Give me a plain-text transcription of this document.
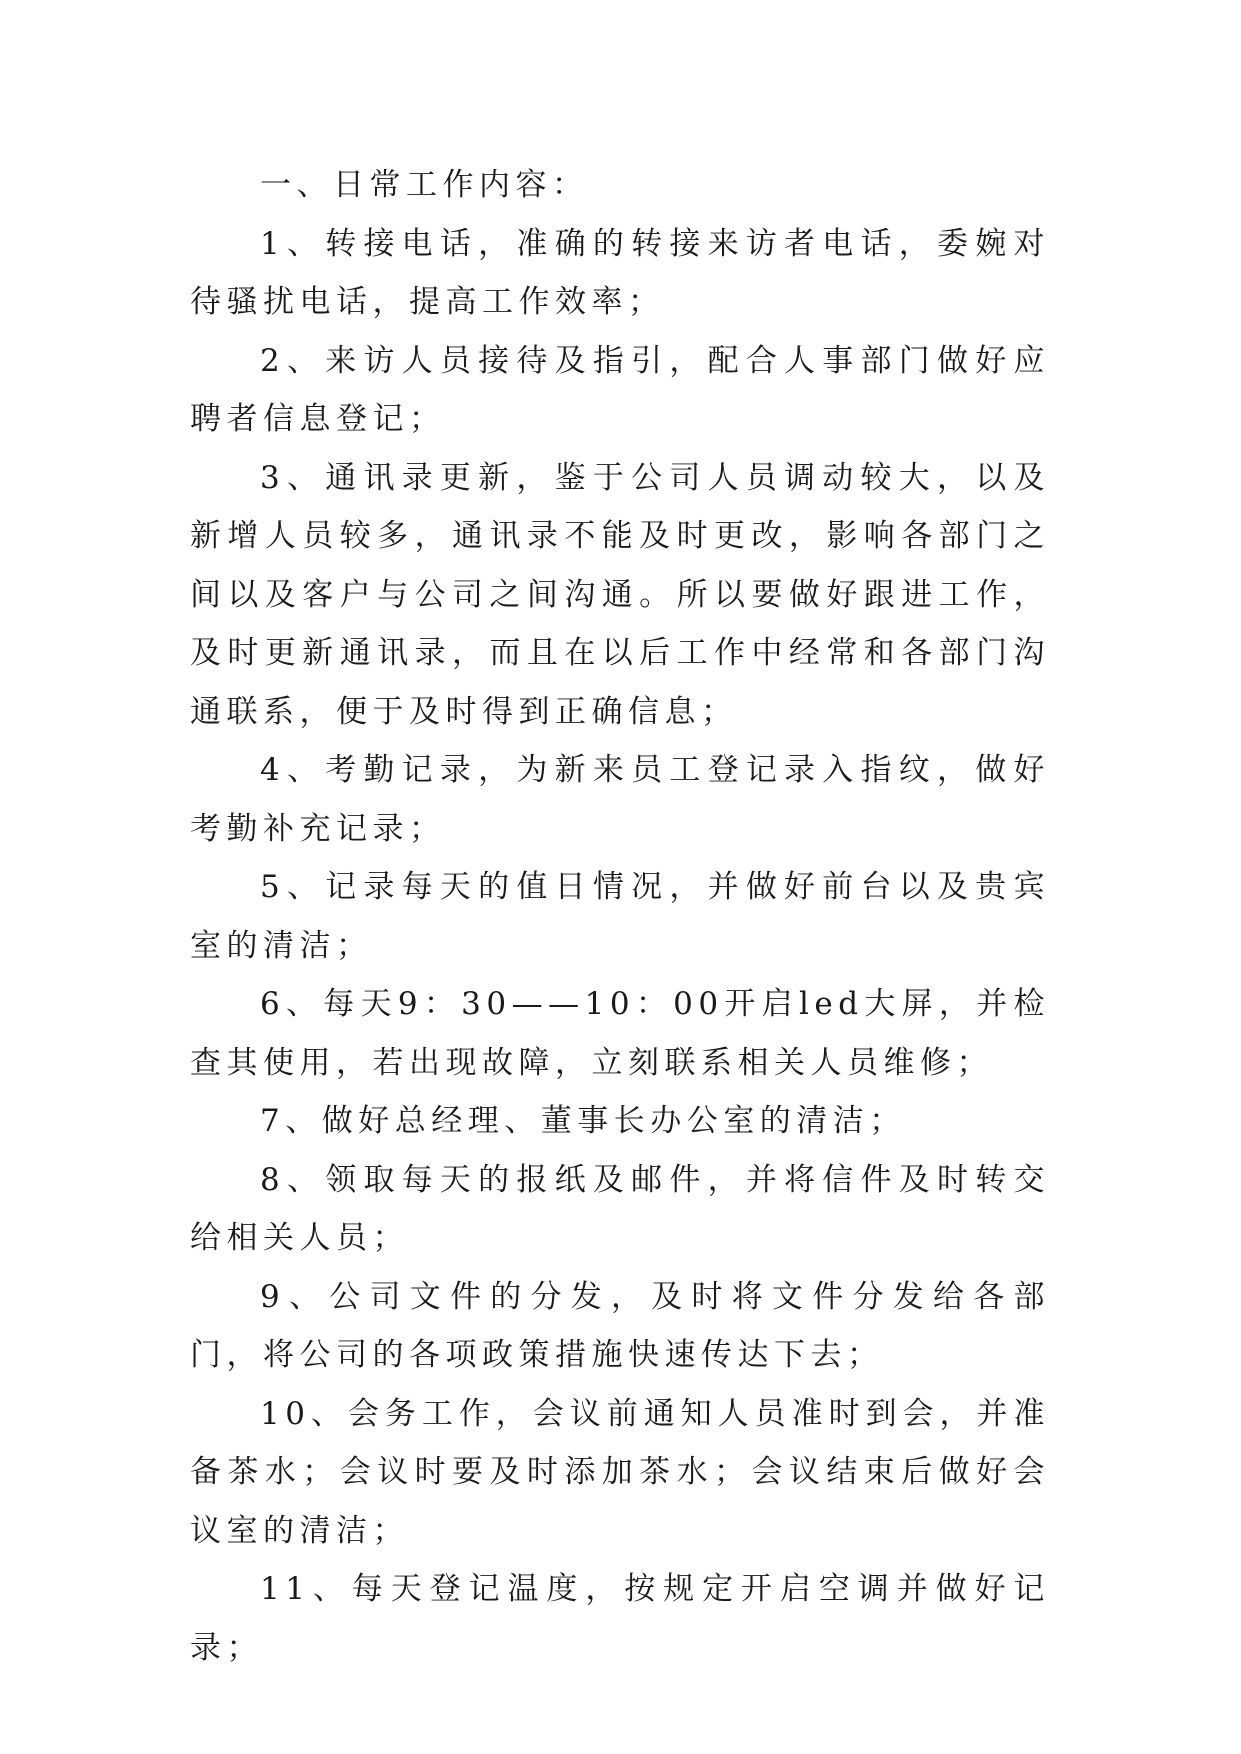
一、日常工作内容：

1、转接电话，准确的转接来访者电话，委婉对待骚扰电话，提高工作效率；

2、来访人员接待及指引，配合人事部门做好应聘者信息登记；

3、通讯录更新，鉴于公司人员调动较大，以及新增人员较多，通讯录不能及时更改，影响各部门之间以及客户与公司之间沟通。所以要做好跟进工作，及时更新通讯录，而且在以后工作中经常和各部门沟通联系，便于及时得到正确信息；

4、考勤记录，为新来员工登记录入指纹，做好考勤补充记录；

5、记录每天的值日情况，并做好前台以及贵宾室的清洁；

6、每天9：30——10：00开启led大屏，并检查其使用，若出现故障，立刻联系相关人员维修；

7、做好总经理、董事长办公室的清洁；

8、领取每天的报纸及邮件，并将信件及时转交给相关人员；

9、公司文件的分发，及时将文件分发给各部门，将公司的各项政策措施快速传达下去；

10、会务工作，会议前通知人员准时到会，并准备茶水；会议时要及时添加茶水；会议结束后做好会议室的清洁；

11、每天登记温度，按规定开启空调并做好记录；
